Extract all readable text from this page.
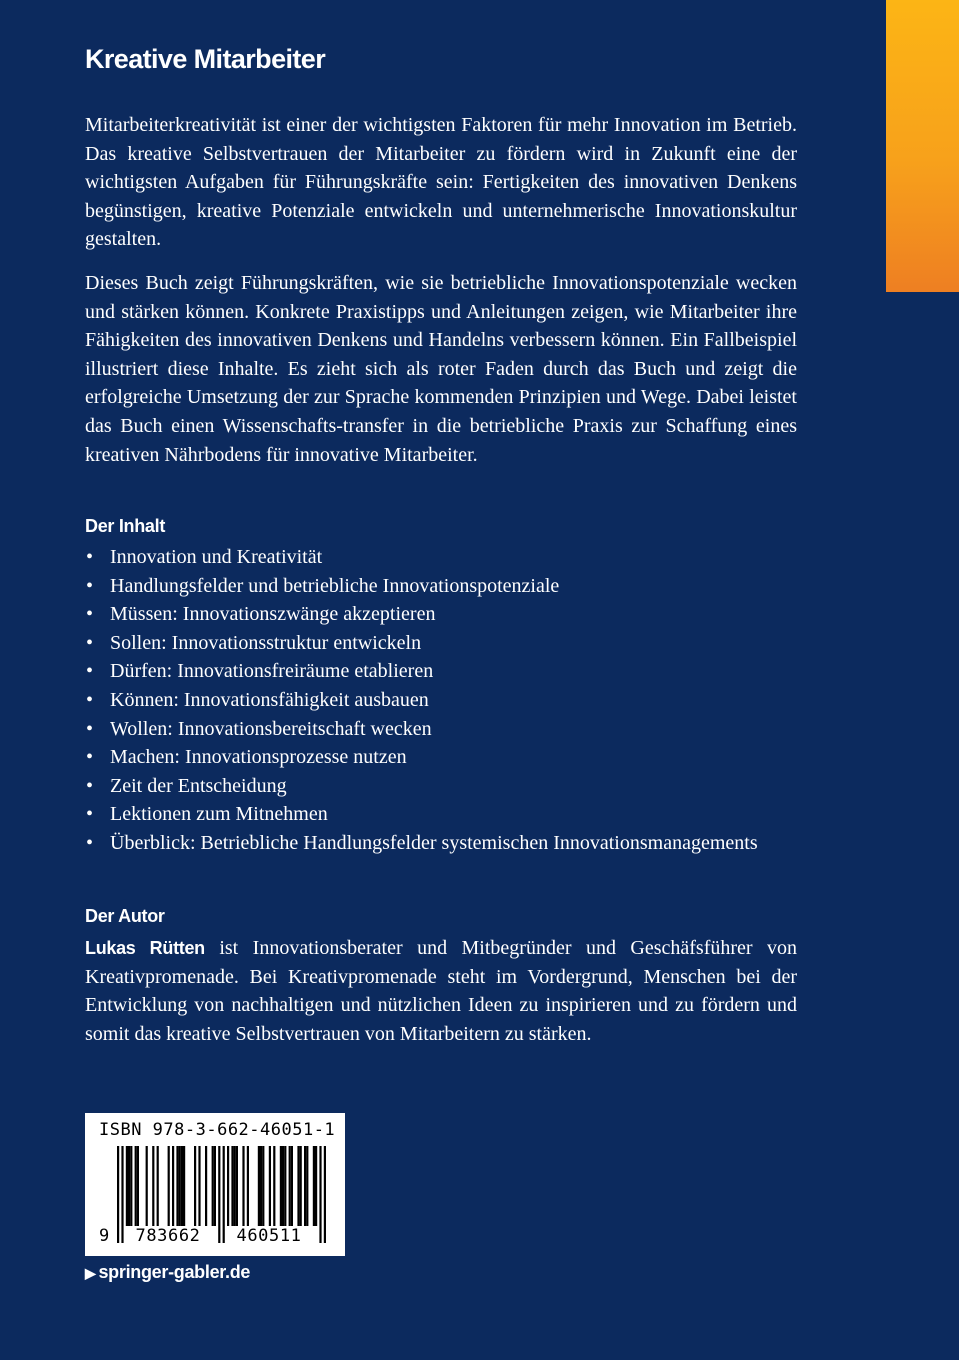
Kreative Mitarbeiter

Mitarbeiterkreativität ist einer der wichtigsten Faktoren für mehr Innovation im Betrieb. Das kreative Selbstvertrauen der Mitarbeiter zu fördern wird in Zukunft eine der wichtigsten Aufgaben für Führungskräfte sein: Fertigkeiten des innovativen Denkens begünstigen, kreative Potenziale entwickeln und unternehmerische Innovationskultur gestalten.

Dieses Buch zeigt Führungskräften, wie sie betriebliche Innovationspotenziale wecken und stärken können. Konkrete Praxistipps und Anleitungen zeigen, wie Mitarbeiter ihre Fähigkeiten des innovativen Denkens und Handelns verbessern können. Ein Fallbeispiel illustriert diese Inhalte. Es zieht sich als roter Faden durch das Buch und zeigt die erfolgreiche Umsetzung der zur Sprache kommenden Prinzipien und Wege. Dabei leistet das Buch einen Wissenschafts-transfer in die betriebliche Praxis zur Schaffung eines kreativen Nährbodens für innovative Mitarbeiter.

Der Inhalt
• Innovation und Kreativität
• Handlungsfelder und betriebliche Innovationspotenziale
• Müssen: Innovationszwänge akzeptieren
• Sollen: Innovationsstruktur entwickeln
• Dürfen: Innovationsfreiräume etablieren
• Können: Innovationsfähigkeit ausbauen
• Wollen: Innovationsbereitschaft wecken
• Machen: Innovationsprozesse nutzen
• Zeit der Entscheidung
• Lektionen zum Mitnehmen
• Überblick: Betriebliche Handlungsfelder systemischen Innovationsmanagements
Der Autor

Lukas Rütten ist Innovationsberater und Mitbegründer und Geschäfsführer von Kreativpromenade. Bei Kreativpromenade steht im Vordergrund, Menschen bei der Entwicklung von nachhaltigen und nützlichen Ideen zu inspirieren und zu fördern und somit das kreative Selbstvertrauen von Mitarbeitern zu stärken.

ISBN 978-3-662-46051-1
9	783662	460511
▶ springer-gabler.de
